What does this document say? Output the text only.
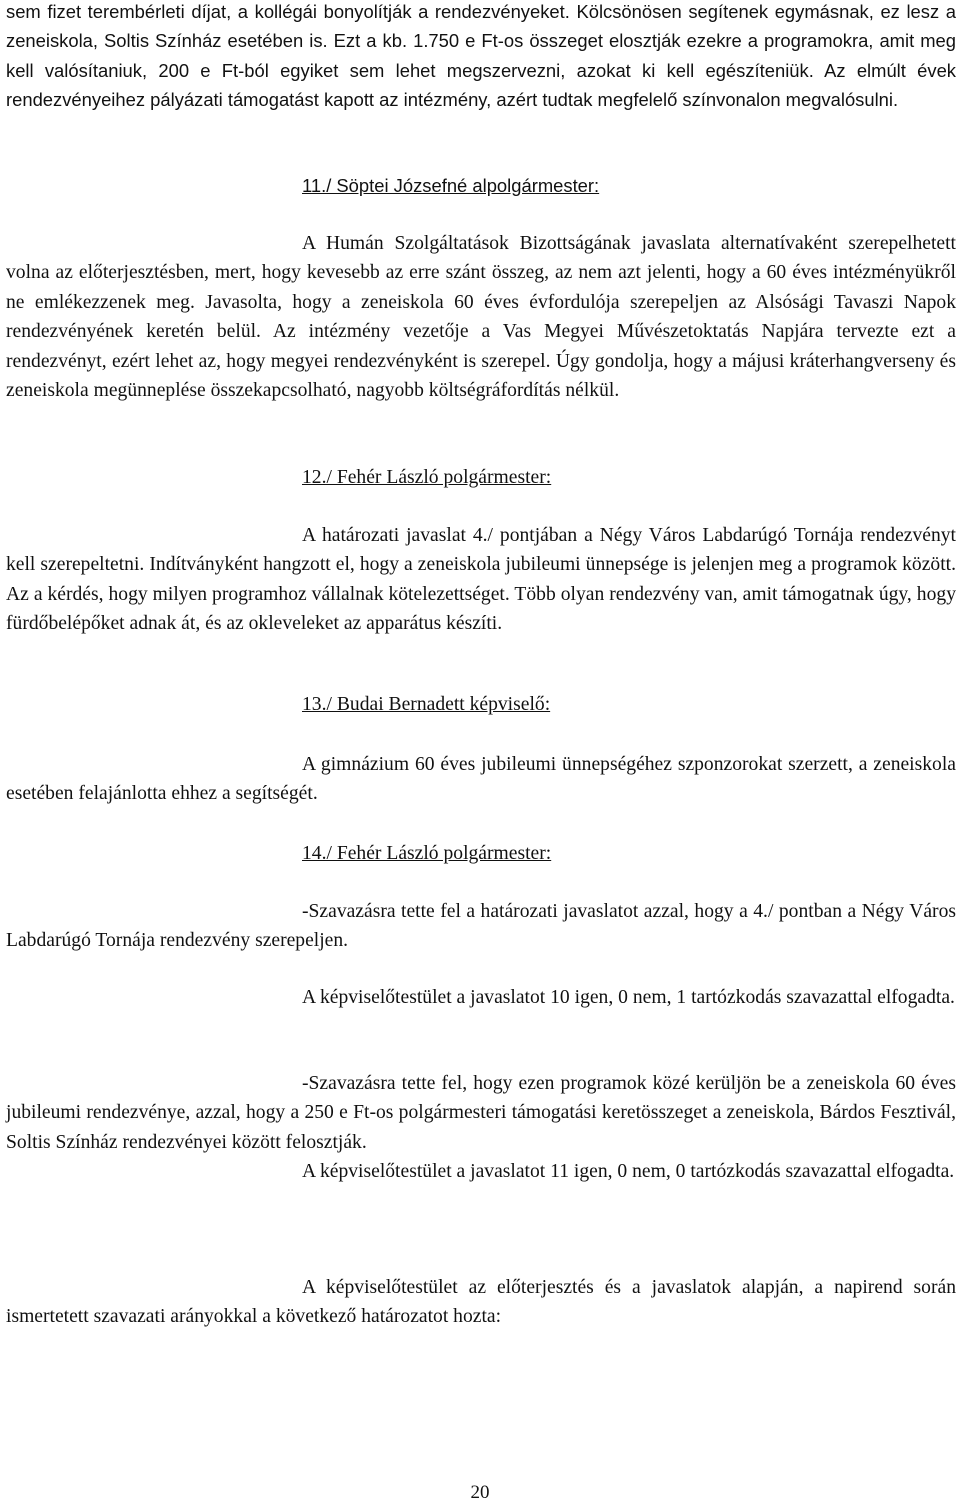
sem fizet terembérleti díjat, a kollégái bonyolítják a rendezvényeket. Kölcsönösen segítenek egymásnak, ez lesz a zeneiskola, Soltis Színház esetében is. Ezt a kb. 1.750 e Ft-os összeget elosztják ezekre a programokra, amit meg kell valósítaniuk, 200 e Ft-ból egyiket sem lehet megszervezni, azokat ki kell egészíteniük. Az elmúlt évek rendezvényeihez pályázati támogatást kapott az intézmény, azért tudtak megfelelő színvonalon megvalósulni.

11./ Söptei Józsefné alpolgármester:

A Humán Szolgáltatások Bizottságának javaslata alternatívaként szerepelhetett volna az előterjesztésben, mert, hogy kevesebb az erre szánt összeg, az nem azt jelenti, hogy a 60 éves intézményükről ne emlékezzenek meg. Javasolta, hogy a zeneiskola 60 éves évfordulója szerepeljen az Alsósági Tavaszi Napok rendezvényének keretén belül. Az intézmény vezetője a Vas Megyei Művészetoktatás Napjára tervezte ezt a rendezvényt, ezért lehet az, hogy megyei rendezvényként is szerepel. Úgy gondolja, hogy a májusi kráterhangverseny és zeneiskola megünneplése összekapcsolható, nagyobb költségráfordítás nélkül.

12./ Fehér László polgármester:

A határozati javaslat 4./ pontjában a Négy Város Labdarúgó Tornája rendezvényt kell szerepeltetni. Indítványként hangzott el, hogy a zeneiskola jubileumi ünnepsége is jelenjen meg a programok között. Az a kérdés, hogy milyen programhoz vállalnak kötelezettséget. Több olyan rendezvény van, amit támogatnak úgy, hogy fürdőbelépőket adnak át, és az okleveleket az apparátus készíti.

13./ Budai Bernadett képviselő:

A gimnázium 60 éves jubileumi ünnepségéhez szponzorokat szerzett, a zeneiskola esetében felajánlotta ehhez a segítségét.

14./ Fehér László polgármester:

-Szavazásra tette fel a határozati javaslatot azzal, hogy a 4./ pontban a Négy Város Labdarúgó Tornája rendezvény szerepeljen.

A képviselőtestület a javaslatot 10 igen, 0 nem, 1 tartózkodás szavazattal elfogadta.

-Szavazásra tette fel, hogy ezen programok közé kerüljön be a zeneiskola 60 éves jubileumi rendezvénye, azzal, hogy a 250 e Ft-os polgármesteri támogatási keretösszeget a zeneiskola, Bárdos Fesztivál, Soltis Színház rendezvényei között felosztják.

A képviselőtestület a javaslatot 11 igen, 0 nem, 0 tartózkodás szavazattal elfogadta.

A képviselőtestület az előterjesztés és a javaslatok alapján, a napirend során ismertetett szavazati arányokkal a következő határozatot hozta:

20
